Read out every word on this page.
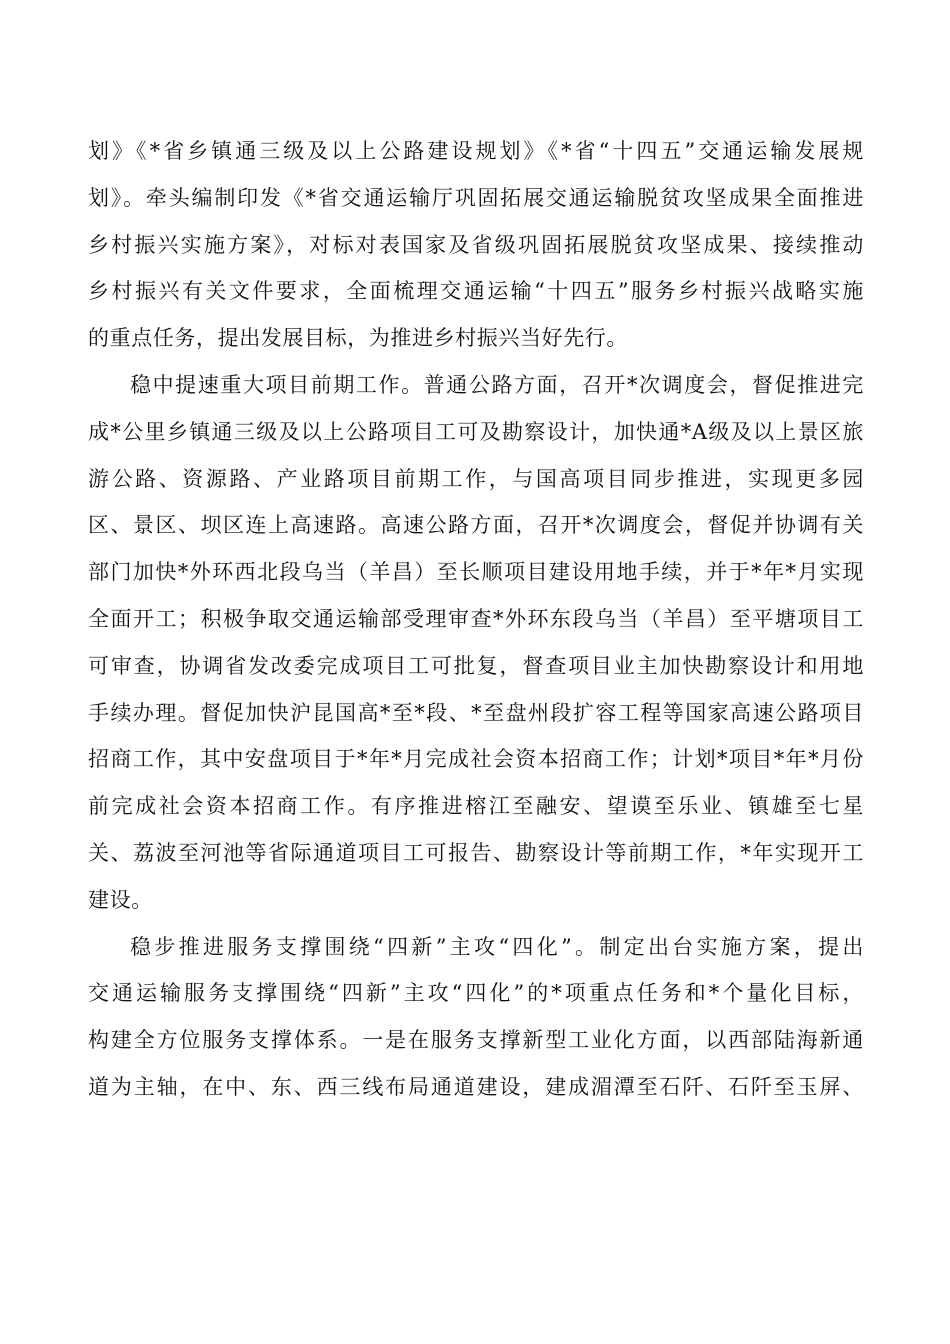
划》《*省乡镇通三级及以上公路建设规划》《*省“十四五”交通运输发展规
划》。牵头编制印发《*省交通运输厅巩固拓展交通运输脱贫攻坚成果全面推进
乡村振兴实施方案》，对标对表国家及省级巩固拓展脱贫攻坚成果、接续推动
乡村振兴有关文件要求，全面梳理交通运输“十四五”服务乡村振兴战略实施
的重点任务，提出发展目标，为推进乡村振兴当好先行。
稳中提速重大项目前期工作。普通公路方面，召开*次调度会，督促推进完
成*公里乡镇通三级及以上公路项目工可及勘察设计，加快通*A级及以上景区旅
游公路、资源路、产业路项目前期工作，与国高项目同步推进，实现更多园
区、景区、坝区连上高速路。高速公路方面，召开*次调度会，督促并协调有关
部门加快*外环西北段乌当（羊昌）至长顺项目建设用地手续，并于*年*月实现
全面开工；积极争取交通运输部受理审查*外环东段乌当（羊昌）至平塘项目工
可审查，协调省发改委完成项目工可批复，督查项目业主加快勘察设计和用地
手续办理。督促加快沪昆国高*至*段、*至盘州段扩容工程等国家高速公路项目
招商工作，其中安盘项目于*年*月完成社会资本招商工作；计划*项目*年*月份
前完成社会资本招商工作。有序推进榕江至融安、望谟至乐业、镇雄至七星
关、荔波至河池等省际通道项目工可报告、勘察设计等前期工作，*年实现开工
建设。
稳步推进服务支撑围绕“四新”主攻“四化”。制定出台实施方案，提出
交通运输服务支撑围绕“四新”主攻“四化”的*项重点任务和*个量化目标，
构建全方位服务支撑体系。一是在服务支撑新型工业化方面，以西部陆海新通
道为主轴，在中、东、西三线布局通道建设，建成湄潭至石阡、石阡至玉屏、
